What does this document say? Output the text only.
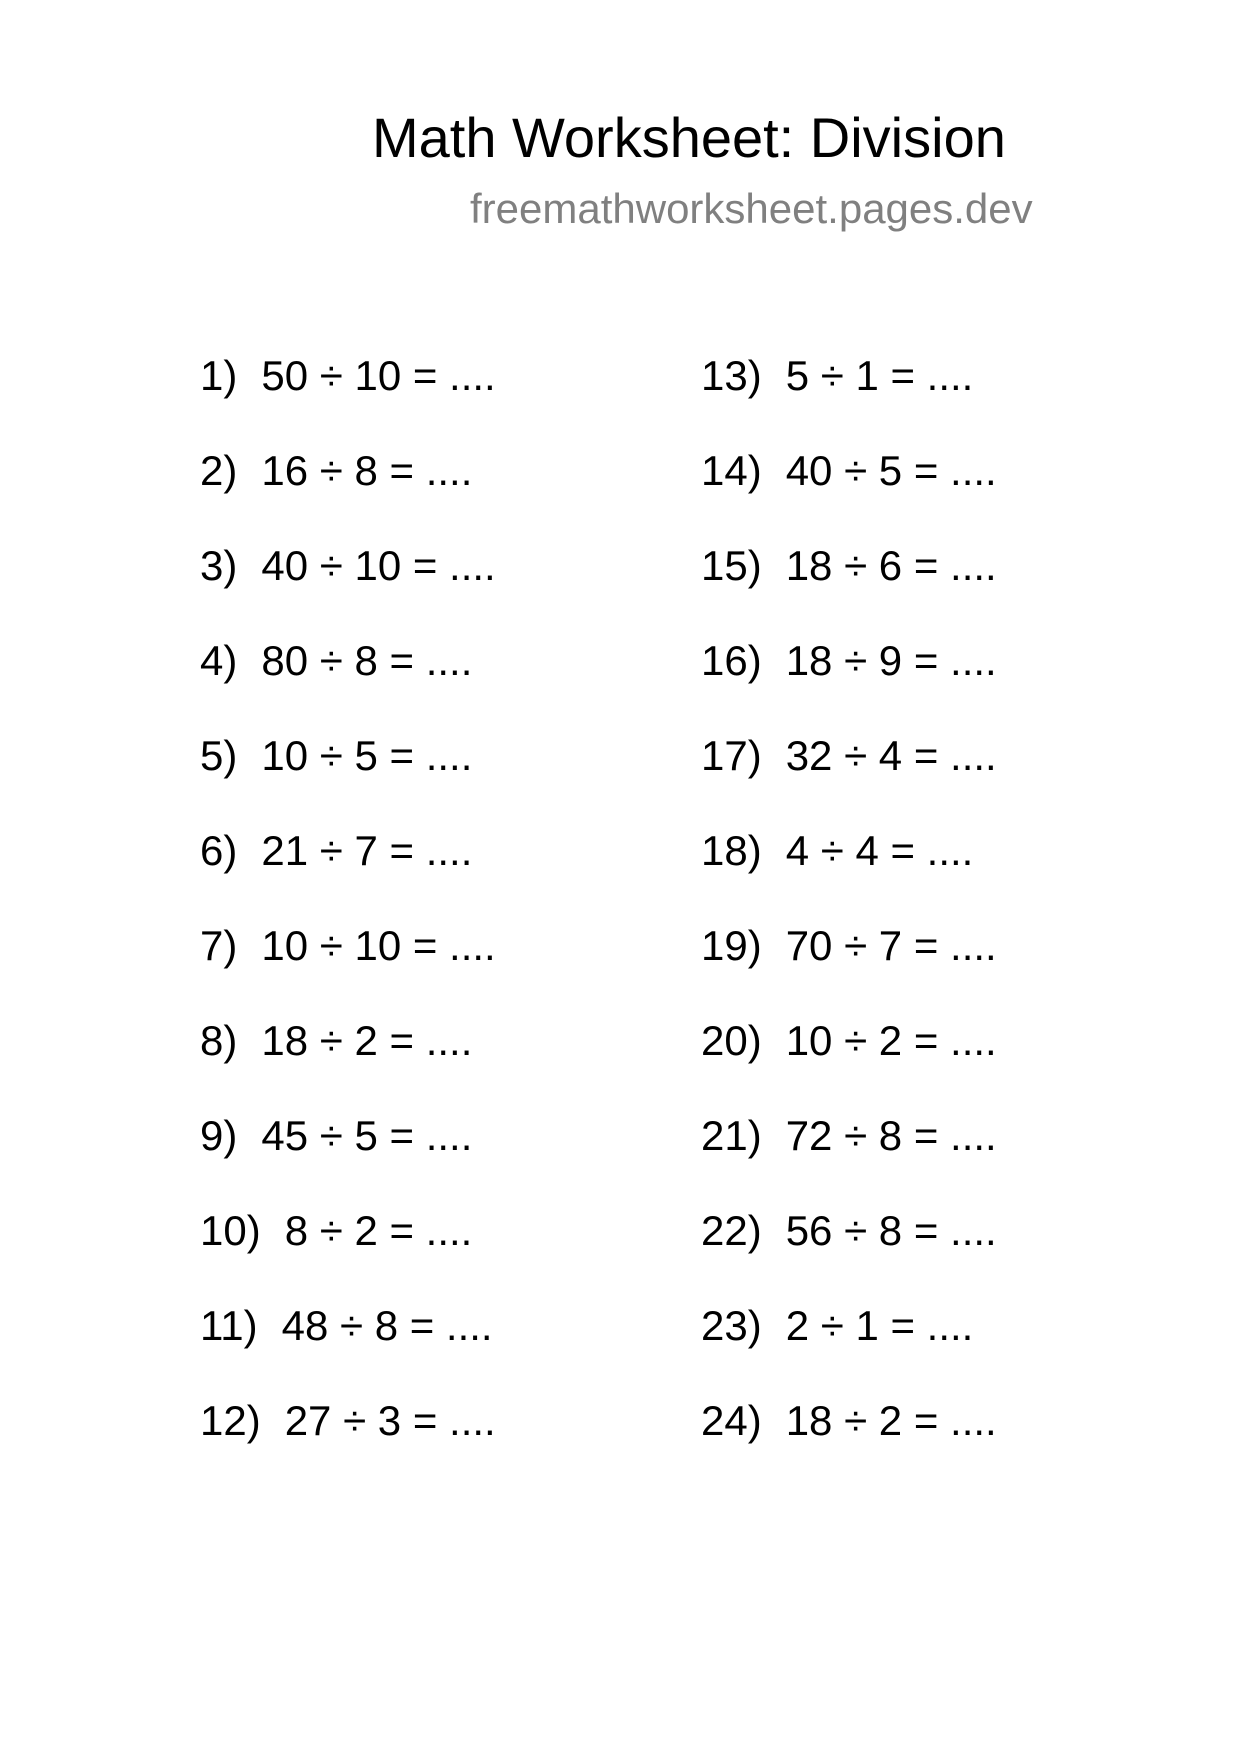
Math Worksheet: Division
freemathworksheet.pages.dev
1) 50 ÷ 10 = ....
2) 16 ÷ 8 = ....
3) 40 ÷ 10 = ....
4) 80 ÷ 8 = ....
5) 10 ÷ 5 = ....
6) 21 ÷ 7 = ....
7) 10 ÷ 10 = ....
8) 18 ÷ 2 = ....
9) 45 ÷ 5 = ....
10) 8 ÷ 2 = ....
11) 48 ÷ 8 = ....
12) 27 ÷ 3 = ....
13) 5 ÷ 1 = ....
14) 40 ÷ 5 = ....
15) 18 ÷ 6 = ....
16) 18 ÷ 9 = ....
17) 32 ÷ 4 = ....
18) 4 ÷ 4 = ....
19) 70 ÷ 7 = ....
20) 10 ÷ 2 = ....
21) 72 ÷ 8 = ....
22) 56 ÷ 8 = ....
23) 2 ÷ 1 = ....
24) 18 ÷ 2 = ....
